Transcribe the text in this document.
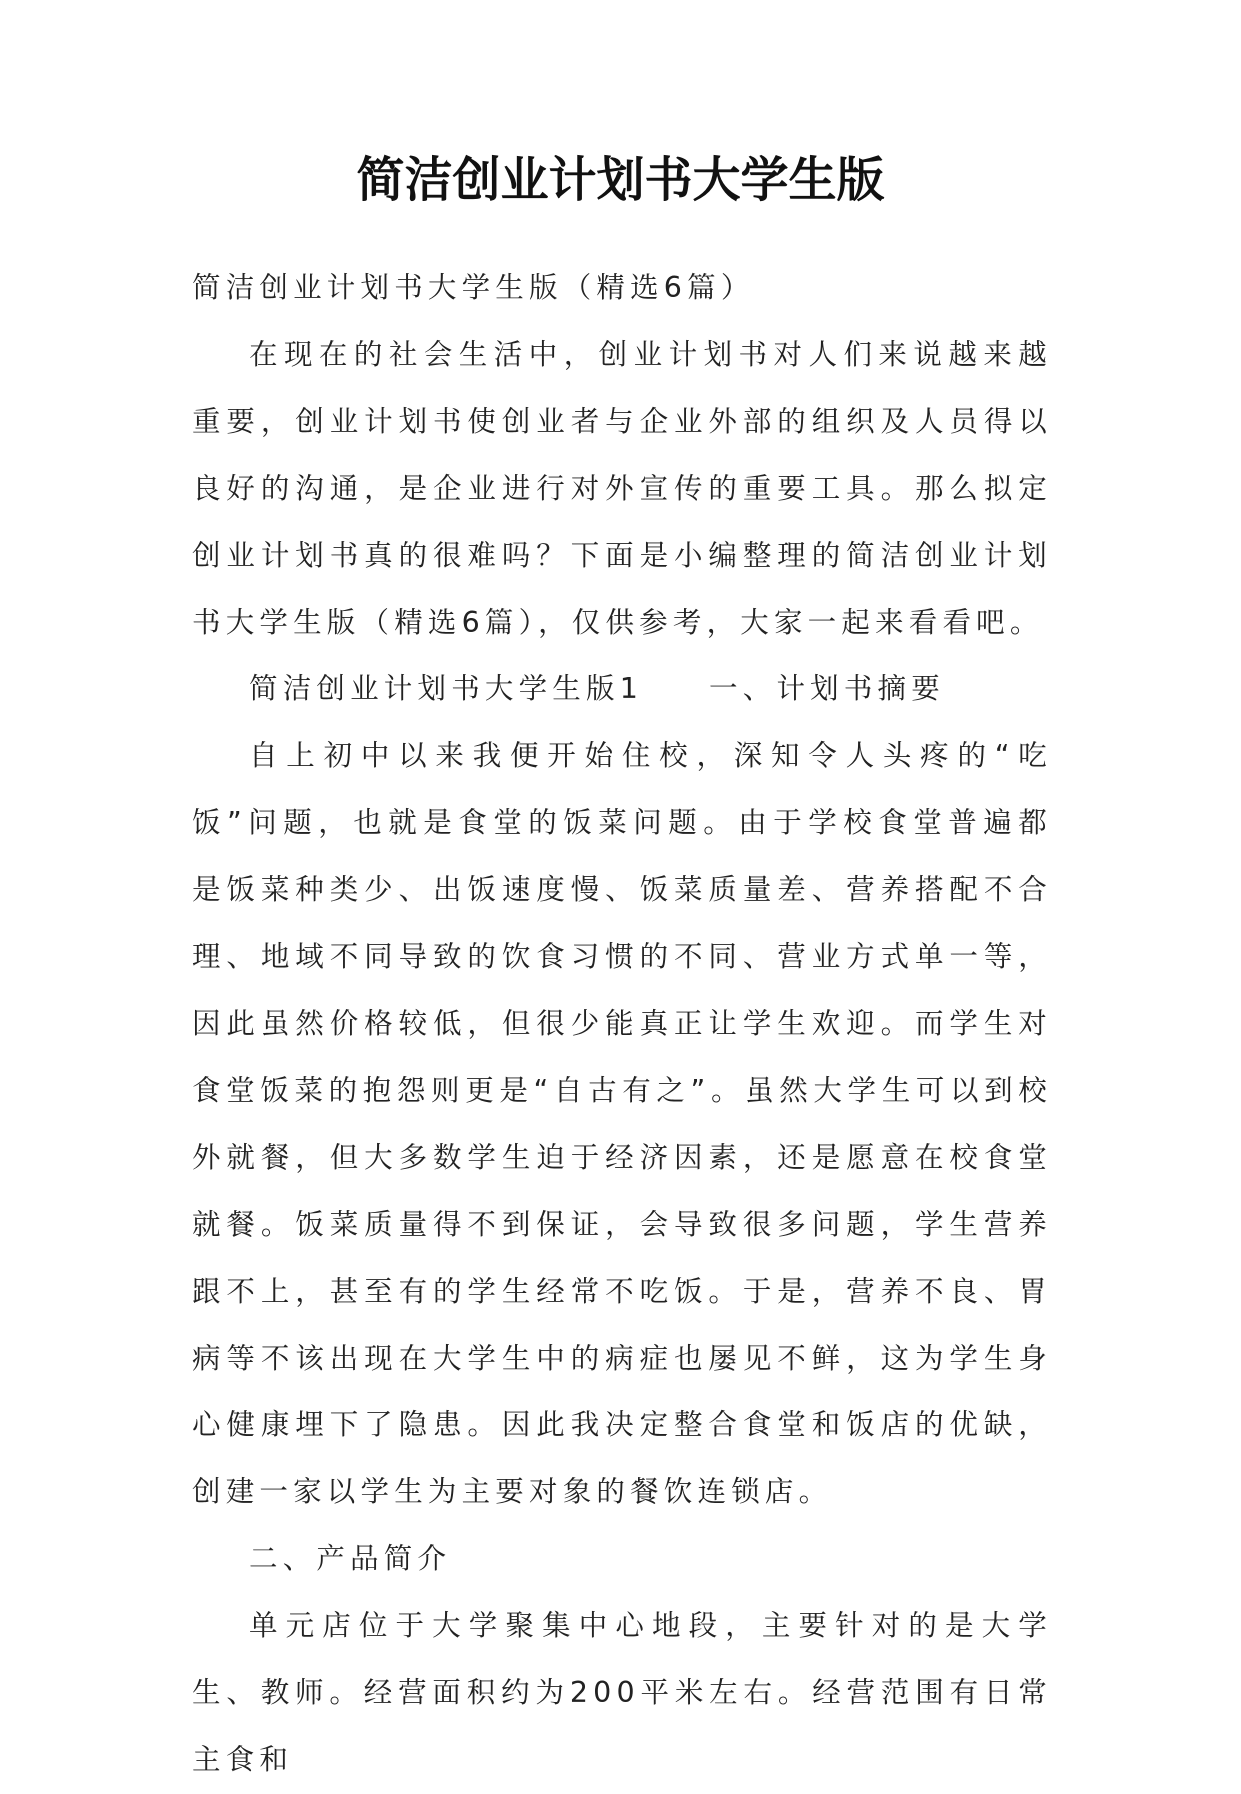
简洁创业计划书大学生版

简洁创业计划书大学生版（精选6篇）

在现在的社会生活中，创业计划书对人们来说越来越重要，创业计划书使创业者与企业外部的组织及人员得以良好的沟通，是企业进行对外宣传的重要工具。那么拟定创业计划书真的很难吗？下面是小编整理的简洁创业计划书大学生版（精选6篇），仅供参考，大家一起来看看吧。

简洁创业计划书大学生版1 一、计划书摘要

自上初中以来我便开始住校，深知令人头疼的“吃饭”问题，也就是食堂的饭菜问题。由于学校食堂普遍都是饭菜种类少、出饭速度慢、饭菜质量差、营养搭配不合理、地域不同导致的饮食习惯的不同、营业方式单一等，因此虽然价格较低，但很少能真正让学生欢迎。而学生对食堂饭菜的抱怨则更是“自古有之”。虽然大学生可以到校外就餐，但大多数学生迫于经济因素，还是愿意在校食堂就餐。饭菜质量得不到保证，会导致很多问题，学生营养跟不上，甚至有的学生经常不吃饭。于是，营养不良、胃病等不该出现在大学生中的病症也屡见不鲜，这为学生身心健康埋下了隐患。因此我决定整合食堂和饭店的优缺，创建一家以学生为主要对象的餐饮连锁店。

二、产品简介

单元店位于大学聚集中心地段，主要针对的是大学生、教师。经营面积约为200平米左右。经营范围有日常主食和
